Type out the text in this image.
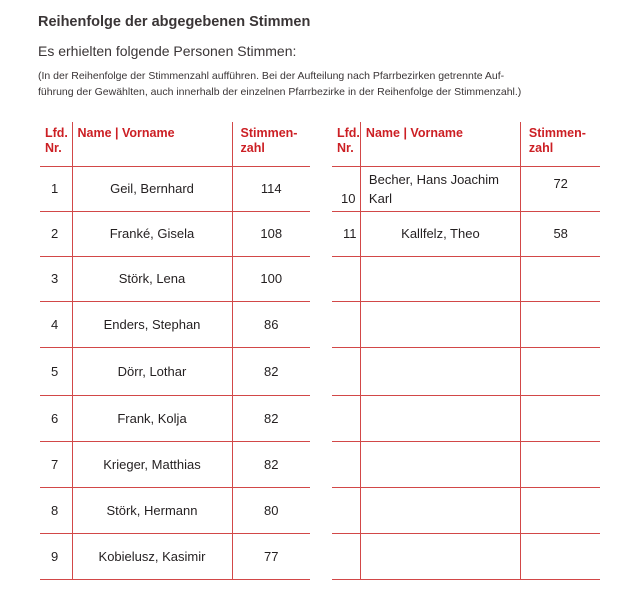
Reihenfolge der abgegebenen Stimmen
Es erhielten folgende Personen Stimmen:
(In der Reihenfolge der Stimmenzahl aufführen. Bei der Aufteilung nach Pfarrbezirken getrennte Auf-
führung der Gewählten, auch innerhalb der einzelnen Pfarrbezirke in der Reihenfolge der Stimmenzahl.)
Lfd.
Nr.	Name | Vorname	Stimmen-
zahl
1	Geil, Bernhard	114
2	Franké, Gisela	108
3	Störk, Lena	100
4	Enders, Stephan	86
5	Dörr, Lothar	82
6	Frank, Kolja	82
7	Krieger, Matthias	82
8	Störk, Hermann	80
9	Kobielusz, Kasimir	77
Lfd.
Nr.	Name | Vorname	Stimmen-
zahl
10	Becher, Hans Joachim
Karl	72
11	Kallfelz, Theo	58
